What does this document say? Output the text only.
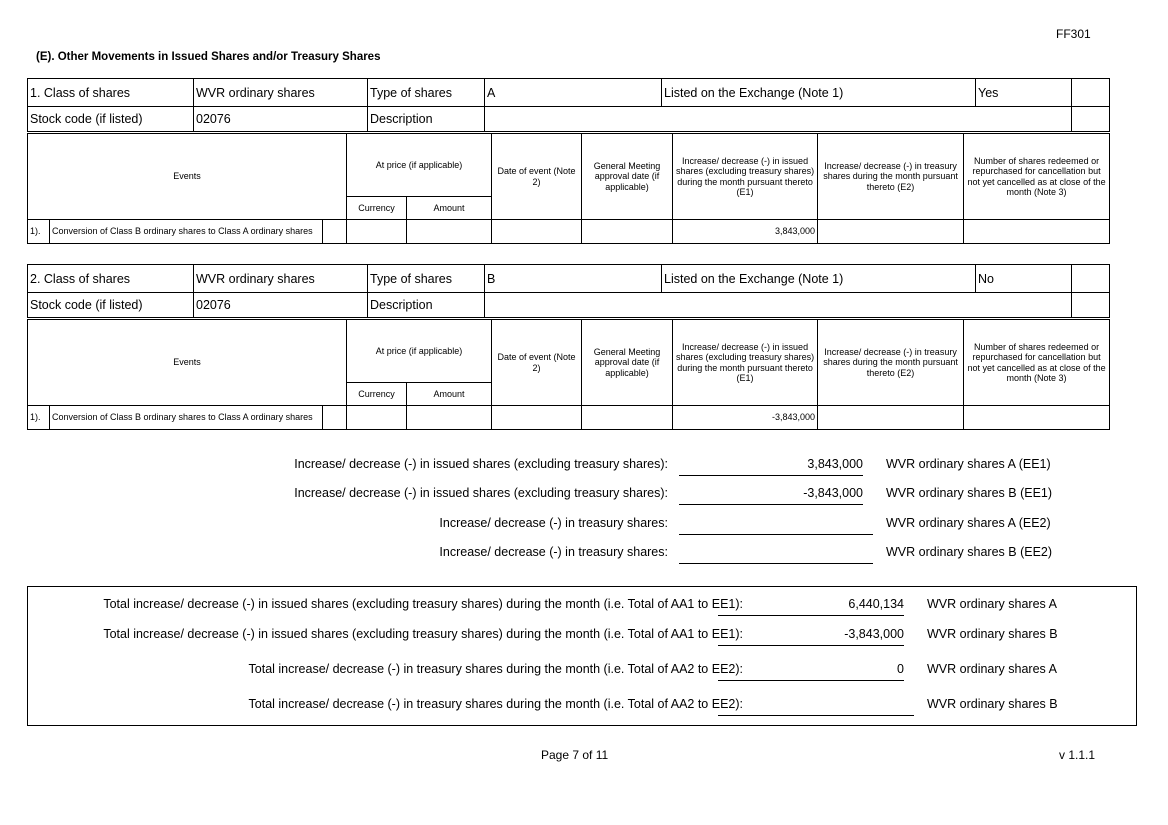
FF301
(E). Other Movements in Issued Shares and/or Treasury Shares
1. Class of shares	WVR ordinary shares	Type of shares	A	Listed on the Exchange (Note 1)	Yes	
Stock code (if listed)	02076	Description				
Events			At price (if applicable)		Date of event (Note 2)	General Meeting approval date (if applicable)	Increase/ decrease (-) in issued shares (excluding treasury shares) during the month pursuant thereto (E1)	Increase/ decrease (-) in treasury shares during the month pursuant thereto (E2)	Number of shares redeemed or repurchased for cancellation but not yet cancelled as at close of the month (Note 3)
			Currency	Amount					
1).	Conversion of Class B ordinary shares to Class A ordinary shares						3,843,000		
2. Class of shares	WVR ordinary shares	Type of shares	B	Listed on the Exchange (Note 1)	No	
Stock code (if listed)	02076	Description				
Events			At price (if applicable)		Date of event (Note 2)	General Meeting approval date (if applicable)	Increase/ decrease (-) in issued shares (excluding treasury shares) during the month pursuant thereto (E1)	Increase/ decrease (-) in treasury shares during the month pursuant thereto (E2)	Number of shares redeemed or repurchased for cancellation but not yet cancelled as at close of the month (Note 3)
			Currency	Amount					
1).	Conversion of Class B ordinary shares to Class A ordinary shares						-3,843,000		
Increase/ decrease (-) in issued shares (excluding treasury shares):	3,843,000 WVR ordinary shares A (EE1)
Increase/ decrease (-) in issued shares (excluding treasury shares):	-3,843,000 WVR ordinary shares B (EE1)
Increase/ decrease (-) in treasury shares:	WVR ordinary shares A (EE2)
Increase/ decrease (-) in treasury shares:	WVR ordinary shares B (EE2)
Total increase/ decrease (-) in issued shares (excluding treasury shares) during the month (i.e. Total of AA1 to EE1):	6,440,134 WVR ordinary shares A
Total increase/ decrease (-) in issued shares (excluding treasury shares) during the month (i.e. Total of AA1 to EE1):	-3,843,000 WVR ordinary shares B
Total increase/ decrease (-) in treasury shares during the month (i.e. Total of AA2 to EE2):	0 WVR ordinary shares A
Total increase/ decrease (-) in treasury shares during the month (i.e. Total of AA2 to EE2):	WVR ordinary shares B
Page 7 of 11	v 1.1.1
